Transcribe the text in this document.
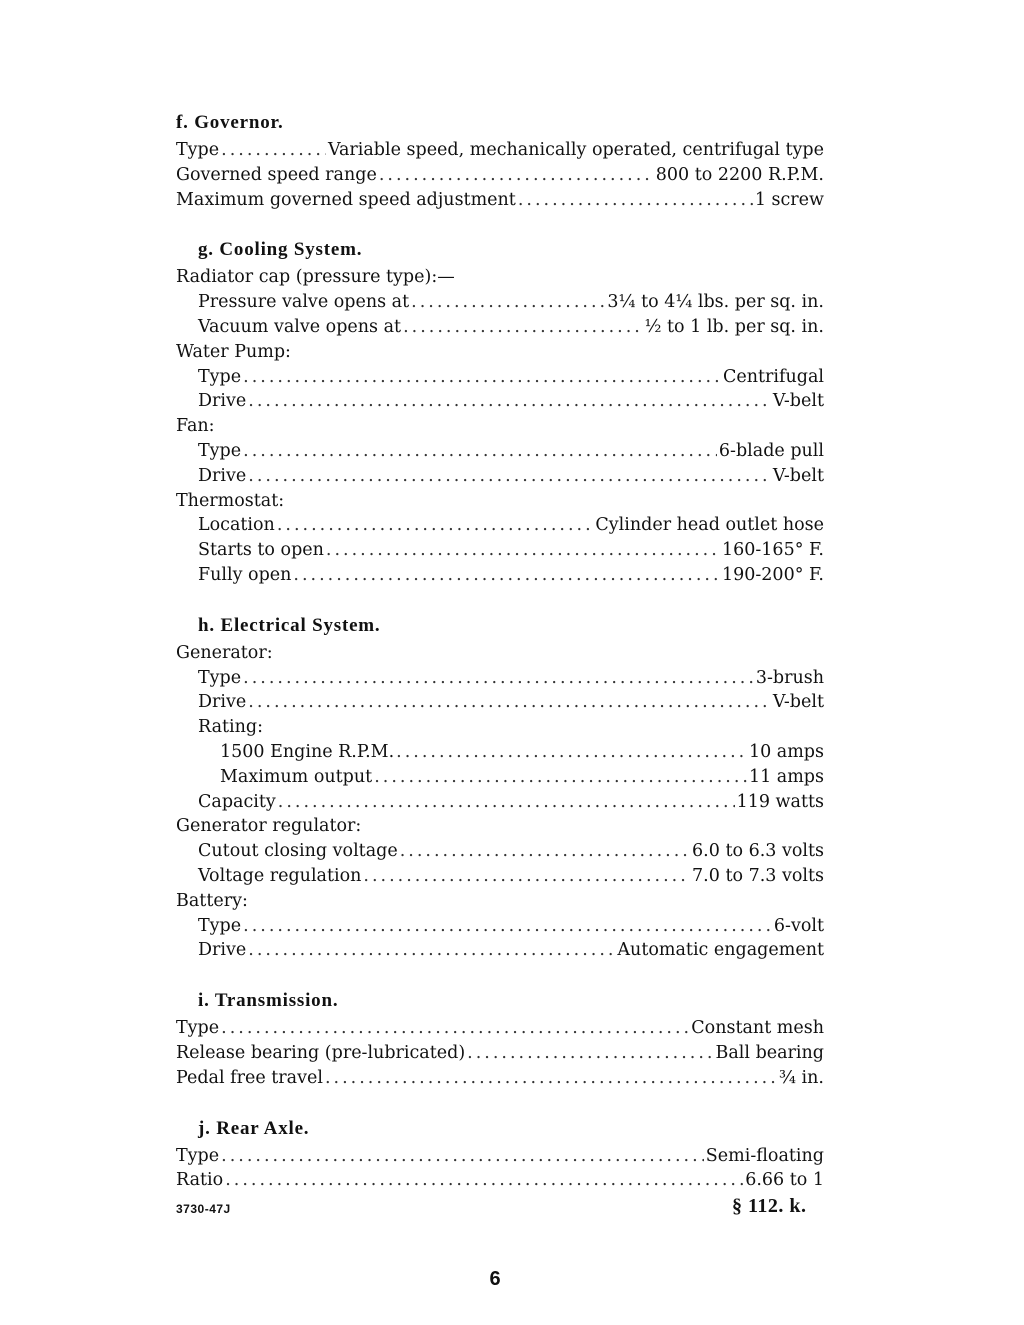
f. Governor.
Type .....	Variable speed, mechanically operated, centrifugal type
Governed speed range .....	800 to 2200 R.P.M.
Maximum governed speed adjustment .....	1 screw
g. Cooling System.
Radiator cap (pressure type):—
Pressure valve opens at .....	3¼ to 4¼ lbs. per sq. in.
Vacuum valve opens at .....	½ to 1 lb. per sq. in.
Water Pump:
Type .....	Centrifugal
Drive .....	V-belt
Fan:
Type .....	6-blade pull
Drive .....	V-belt
Thermostat:
Location .....	Cylinder head outlet hose
Starts to open .....	160-165° F.
Fully open .....	190-200° F.
h. Electrical System.
Generator:
Type .....	3-brush
Drive .....	V-belt
Rating:
1500 Engine R.P.M. .....	10 amps
Maximum output .....	11 amps
Capacity .....	119 watts
Generator regulator:
Cutout closing voltage .....	6.0 to 6.3 volts
Voltage regulation .....	7.0 to 7.3 volts
Battery:
Type .....	6-volt
Drive .....	Automatic engagement
i. Transmission.
Type .....	Constant mesh
Release bearing (pre-lubricated) .....	Ball bearing
Pedal free travel .....	¾ in.
j. Rear Axle.
Type .....	Semi-floating
Ratio .....	6.66 to 1
3730-47J	§ 112. k.
6
